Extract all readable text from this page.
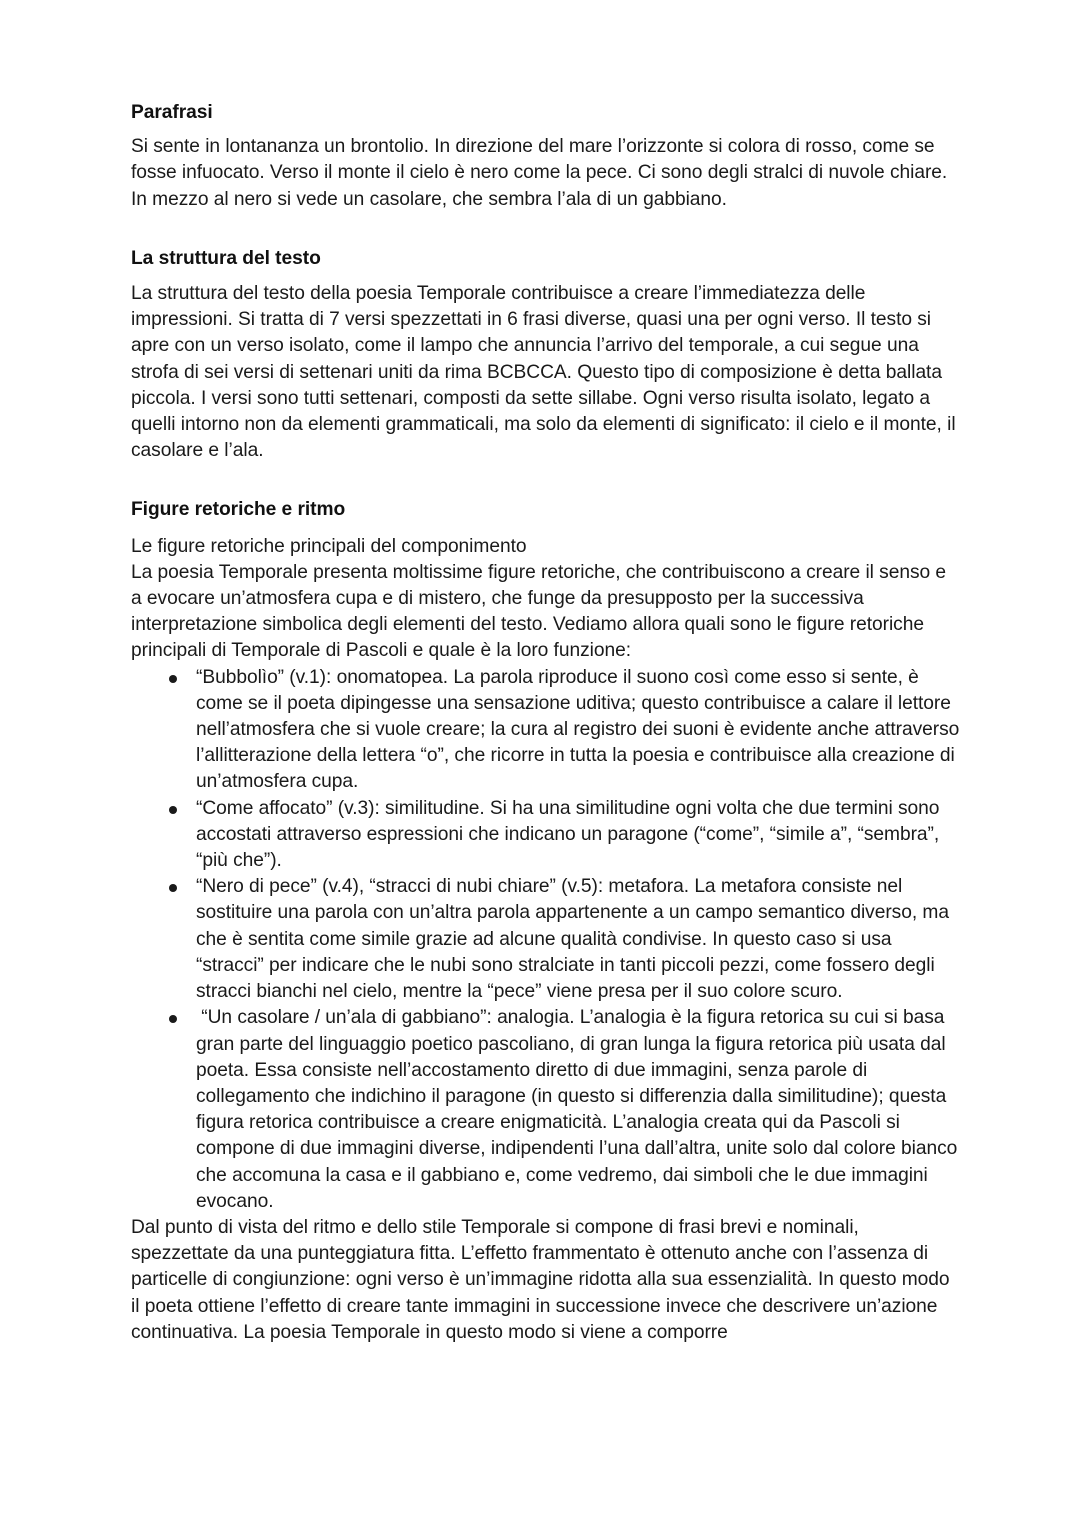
Parafrasi

Si sente in lontananza un brontolio. In direzione del mare l’orizzonte si colora di rosso, come se fosse infuocato. Verso il monte il cielo è nero come la pece. Ci sono degli stralci di nuvole chiare. In mezzo al nero si vede un casolare, che sembra l’ala di un gabbiano.

La struttura del testo

La struttura del testo della poesia Temporale contribuisce a creare l’immediatezza delle impressioni. Si tratta di 7 versi spezzettati in 6 frasi diverse, quasi una per ogni verso. Il testo si apre con un verso isolato, come il lampo che annuncia l’arrivo del temporale, a cui segue una strofa di sei versi di settenari uniti da rima BCBCCA. Questo tipo di composizione è detta ballata piccola. I versi sono tutti settenari, composti da sette sillabe. Ogni verso risulta isolato, legato a quelli intorno non da elementi grammaticali, ma solo da elementi di significato: il cielo e il monte, il casolare e l’ala.

Figure retoriche e ritmo

Le figure retoriche principali del componimento

La poesia Temporale presenta moltissime figure retoriche, che contribuiscono a creare il senso e a evocare un’atmosfera cupa e di mistero, che funge da presupposto per la successiva interpretazione simbolica degli elementi del testo. Vediamo allora quali sono le figure retoriche principali di Temporale di Pascoli e quale è la loro funzione:

“Bubbolìo” (v.1): onomatopea. La parola riproduce il suono così come esso si sente, è come se il poeta dipingesse una sensazione uditiva; questo contribuisce a calare il lettore nell’atmosfera che si vuole creare; la cura al registro dei suoni è evidente anche attraverso l’allitterazione della lettera “o”, che ricorre in tutta la poesia e contribuisce alla creazione di un’atmosfera cupa.
“Come affocato” (v.3): similitudine. Si ha una similitudine ogni volta che due termini sono accostati attraverso espressioni che indicano un paragone (“come”, “simile a”, “sembra”, “più che”).
“Nero di pece” (v.4), “stracci di nubi chiare” (v.5): metafora. La metafora consiste nel sostituire una parola con un’altra parola appartenente a un campo semantico diverso, ma che è sentita come simile grazie ad alcune qualità condivise. In questo caso si usa “stracci” per indicare che le nubi sono stralciate in tanti piccoli pezzi, come fossero degli stracci bianchi nel cielo, mentre la “pece” viene presa per il suo colore scuro.
“Un casolare / un’ala di gabbiano”: analogia. L’analogia è la figura retorica su cui si basa gran parte del linguaggio poetico pascoliano, di gran lunga la figura retorica più usata dal poeta. Essa consiste nell’accostamento diretto di due immagini, senza parole di collegamento che indichino il paragone (in questo si differenzia dalla similitudine); questa figura retorica contribuisce a creare enigmaticità. L’analogia creata qui da Pascoli si compone di due immagini diverse, indipendenti l’una dall’altra, unite solo dal colore bianco che accomuna la casa e il gabbiano e, come vedremo, dai simboli che le due immagini evocano.

Dal punto di vista del ritmo e dello stile Temporale si compone di frasi brevi e nominali, spezzettate da una punteggiatura fitta. L’effetto frammentato è ottenuto anche con l’assenza di particelle di congiunzione: ogni verso è un’immagine ridotta alla sua essenzialità. In questo modo il poeta ottiene l’effetto di creare tante immagini in successione invece che descrivere un’azione continuativa. La poesia Temporale in questo modo si viene a comporre
